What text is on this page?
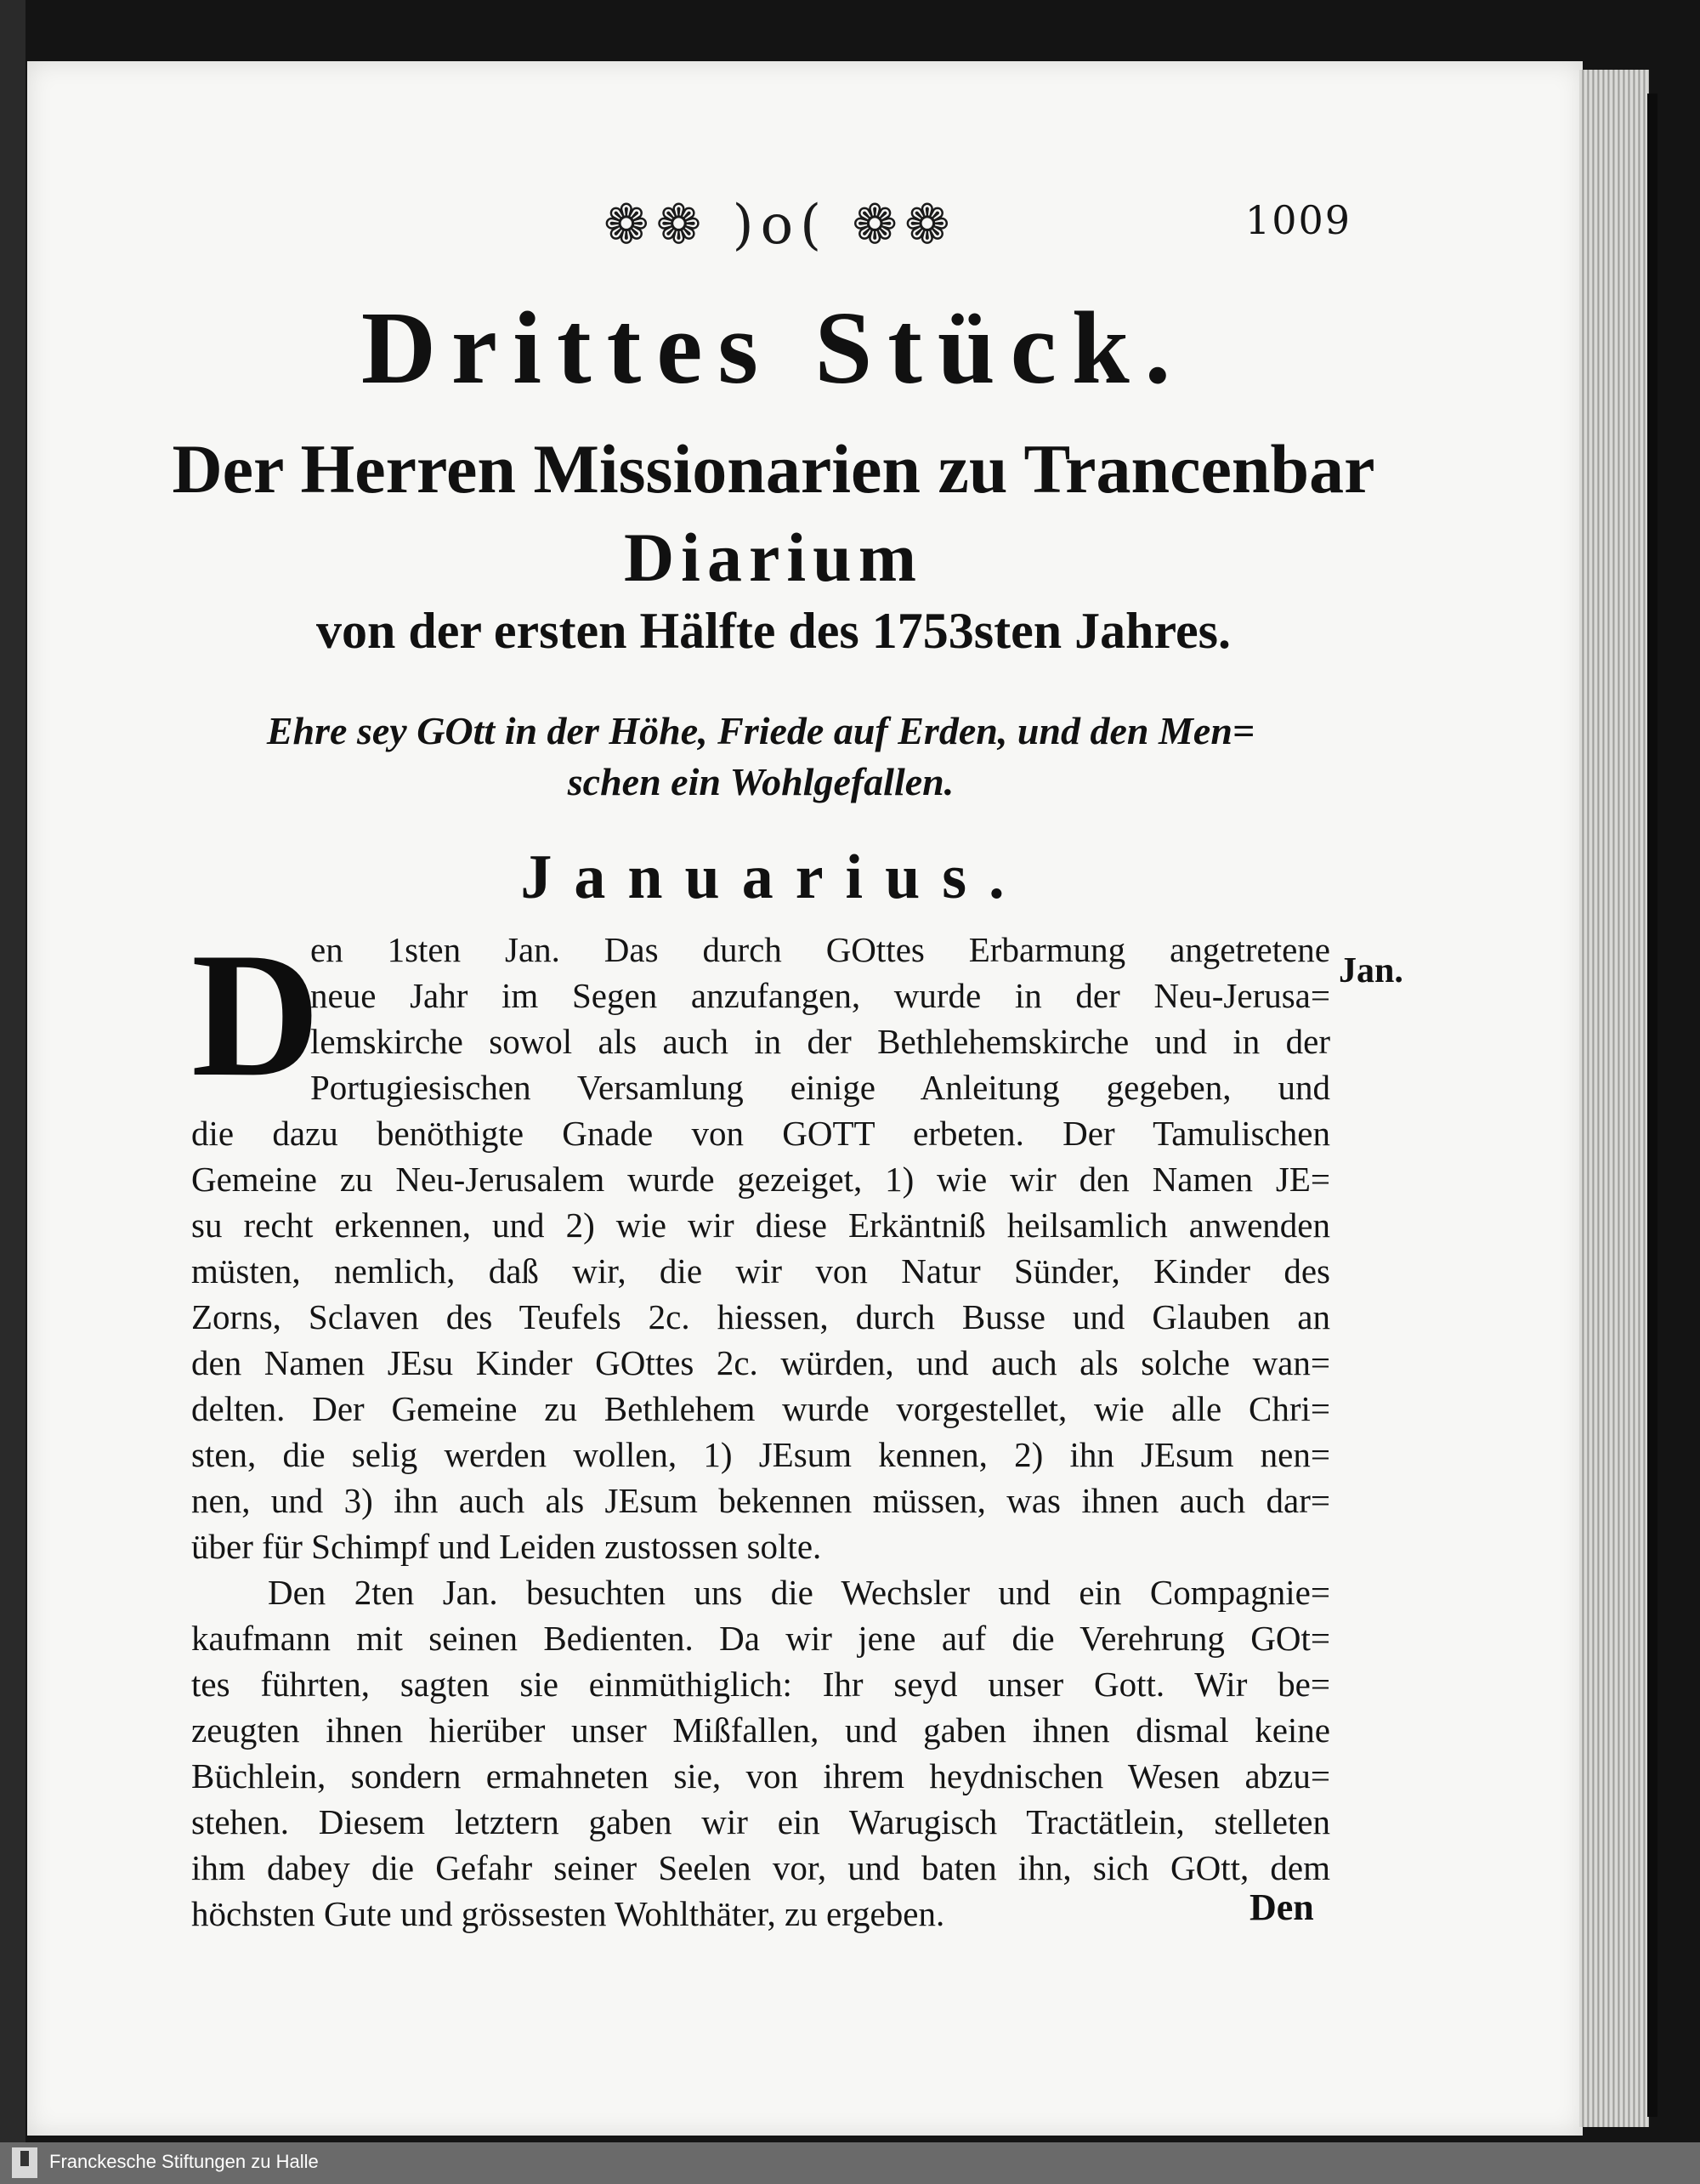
❁❁ )o( ❁❁	1009
Drittes Stück.
Der Herren Missionarien zu Trancenbar
Diarium
von der ersten Hälfte des 1753sten Jahres.
Ehre sey GOtt in der Höhe, Friede auf Erden, und den Men=
schen ein Wohlgefallen.
Januarius.
Jan.
D
en 1sten Jan. Das durch GOttes Erbarmung angetretene
neue Jahr im Segen anzufangen, wurde in der Neu-Jerusa=
lemskirche sowol als auch in der Bethlehemskirche und in der
Portugiesischen Versamlung einige Anleitung gegeben, und
die dazu benöthigte Gnade von GOTT erbeten. Der Tamulischen
Gemeine zu Neu-Jerusalem wurde gezeiget, 1) wie wir den Namen JE=
su recht erkennen, und 2) wie wir diese Erkäntniß heilsamlich anwenden
müsten, nemlich, daß wir, die wir von Natur Sünder, Kinder des
Zorns, Sclaven des Teufels 2c. hiessen, durch Busse und Glauben an
den Namen JEsu Kinder GOttes 2c. würden, und auch als solche wan=
delten. Der Gemeine zu Bethlehem wurde vorgestellet, wie alle Chri=
sten, die selig werden wollen, 1) JEsum kennen, 2) ihn JEsum nen=
nen, und 3) ihn auch als JEsum bekennen müssen, was ihnen auch dar=
über für Schimpf und Leiden zustossen solte.
Den 2ten Jan. besuchten uns die Wechsler und ein Compagnie=
kaufmann mit seinen Bedienten. Da wir jene auf die Verehrung GOt=
tes führten, sagten sie einmüthiglich: Ihr seyd unser Gott. Wir be=
zeugten ihnen hierüber unser Mißfallen, und gaben ihnen dismal keine
Büchlein, sondern ermahneten sie, von ihrem heydnischen Wesen abzu=
stehen. Diesem letztern gaben wir ein Warugisch Tractätlein, stelleten
ihm dabey die Gefahr seiner Seelen vor, und baten ihn, sich GOtt, dem
höchsten Gute und grössesten Wohlthäter, zu ergeben.	Den
Franckesche Stiftungen zu Halle
